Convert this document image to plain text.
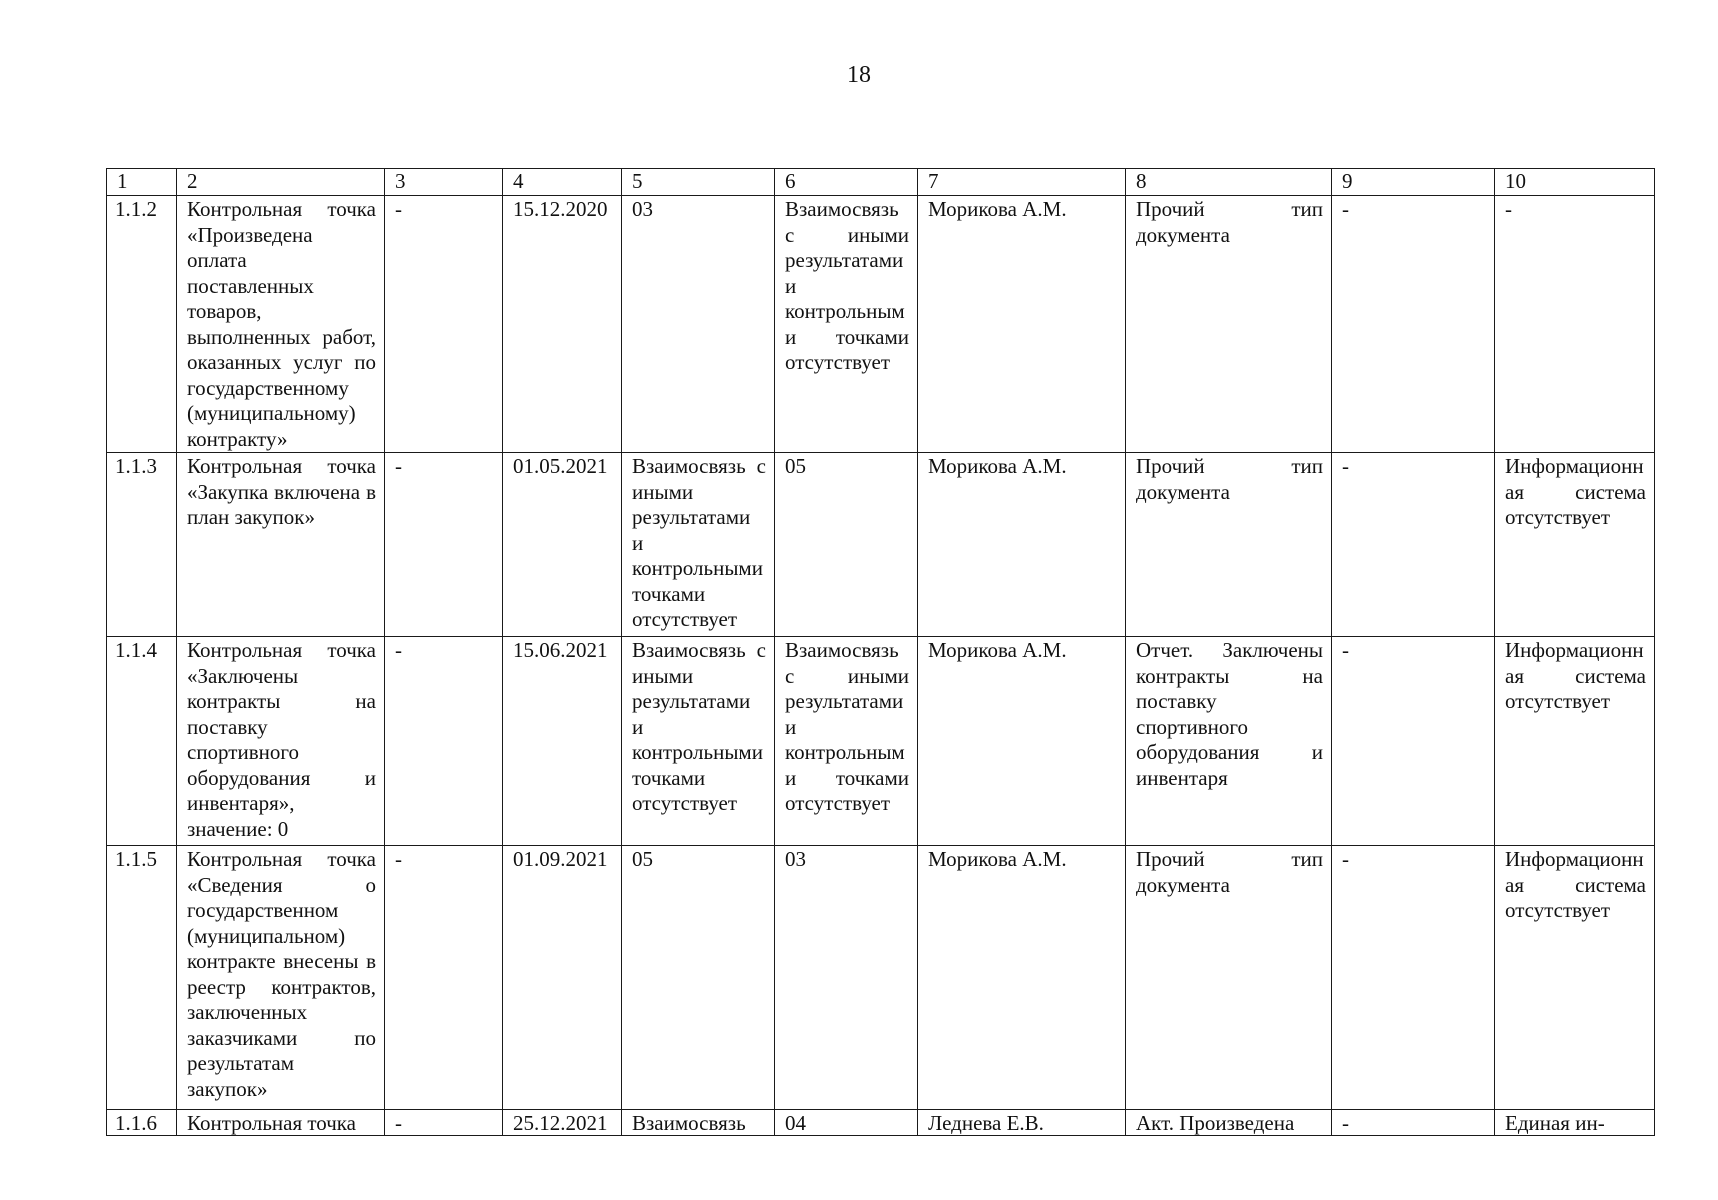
18
1	2	3	4	5	6	7	8	9	10
1.1.2	Контрольная точка «Произведена оплата поставленных товаров, выполненных работ, оказанных услуг по государственному (муниципальному) контракту»	-	15.12.2020	03	Взаимосвязь с иными результатами и контрольными точками отсутствует	Морикова А.М.	Прочий тип документа	-	-
1.1.3	Контрольная точка «Закупка включена в план закупок»	-	01.05.2021	Взаимосвязь с иными результатами и контрольными точками отсутствует	05	Морикова А.М.	Прочий тип документа	-	Информационная система отсутствует
1.1.4	Контрольная точка «Заключены контракты на поставку спортивного оборудования и инвентаря», значение: 0	-	15.06.2021	Взаимосвязь с иными результатами и контрольными точками отсутствует	Взаимосвязь с иными результатами и контрольными точками отсутствует	Морикова А.М.	Отчет. Заключены контракты на поставку спортивного оборудования и инвентаря	-	Информационная система отсутствует
1.1.5	Контрольная точка «Сведения о государственном (муниципальном) контракте внесены в реестр контрактов, заключенных заказчиками по результатам закупок»	-	01.09.2021	05	03	Морикова А.М.	Прочий тип документа	-	Информационная система отсутствует
1.1.6	Контрольная точка	-	25.12.2021	Взаимосвязь	04	Леднева Е.В.	Акт. Произведена	-	Единая ин-
